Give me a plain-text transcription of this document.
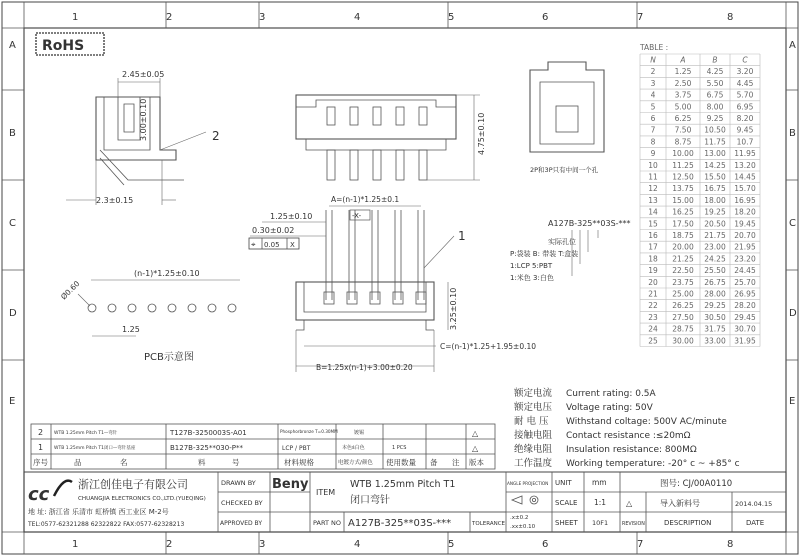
1	2	3	4	5	6	7	8
1	2	3	4	5	6	7	8
A
B
C
D
E
A
B
C
D
E
RoHS
2.45±0.05
3.00±0.10
2.3±0.15
2	4.75±0.10
2P和3P只有中间一个孔
A=(n-1)*1.25±0.1
-X-
1.25±0.10
0.30±0.02
⌖ 0.05 X
3.25±0.10
C=(n-1)*1.25+1.95±0.10
B=1.25x(n-1)+3.00±0.20
1
(n-1)*1.25±0.10
Ø0.60
1.25
PCB示意图
A127B-325**03S-***
实际孔位
P:袋装 B: 带装 T:盒装
1:LCP 5:PBT
1:米色 3:白色
TABLE :
N	A	B	C
2	1.25 4.25 3.20
3	2.50 5.50 4.45
4	3.75 6.75 5.70
5	5.00 8.00 6.95
6	6.25 9.25 8.20
7	7.50 10.50 9.45
8	8.75 11.75 10.7
9 10.00 13.00 11.95
10 11.25 14.25 13.20
11 12.50 15.50 14.45
12 13.75 16.75 15.70
13 15.00 18.00 16.95
14 16.25 19.25 18.20
15 17.50 20.50 19.45
16 18.75 21.75 20.70
17 20.00 23.00 21.95
18 21.25 24.25 23.20
19 22.50 25.50 24.45
20 23.75 26.75 25.70
21 25.00 28.00 26.95
22 26.25 29.25 28.20
23 27.50 30.50 29.45
24 28.75 31.75 30.70
25 30.00 33.00 31.95
额定电流 Current rating: 0.5A
额定电压 Voltage rating: 50V
耐 电 压 Withstand coltage: 500V AC/minute
接触电阻 Contact resistance :≤20mΩ
绝缘电阻 Insulation resistance: 800MΩ
工作温度 Working temperature: -20° c ~ +85° c
2 WTB 1.25mm Pitch T1—弯针	T127B-3250003S-A01	Phosphorbronze T=0.30MM	镀锡	△
1 WTB 1.25mm Pitch T1闭口—弯针基座	B127B-325**030-P**	LCP / PBT	本色ṡ白色	1 PCS	△
序号	品	名	料	号	材料规格	电镀方式/颜色 使用数量 备 注 版本
cc	浙江创佳电子有限公司
CHUANGJIA ELECTRONICS CO.,LTD.(YUEQING)
地 址: 浙江省 乐清市 虹桥镇 西工业区 M-2号
TEL:0577-62321288 62322822 FAX:0577-62328213
DRAWN BY
CHECKED BY
APPROVED BY
Beny
ITEM
WTB 1.25mm Pitch T1
闭口弯针
PART NO A127B-325**03S-***	TOLERANCE
ANGLE PROJECTION
.x±0.2
.xx±0.10
UNIT	mm
SCALE 1:1
SHEET 10F1
图号: CJ/00A0110
△	导入新料号	2014.04.15
REVISION	DESCRIPTION	DATE
